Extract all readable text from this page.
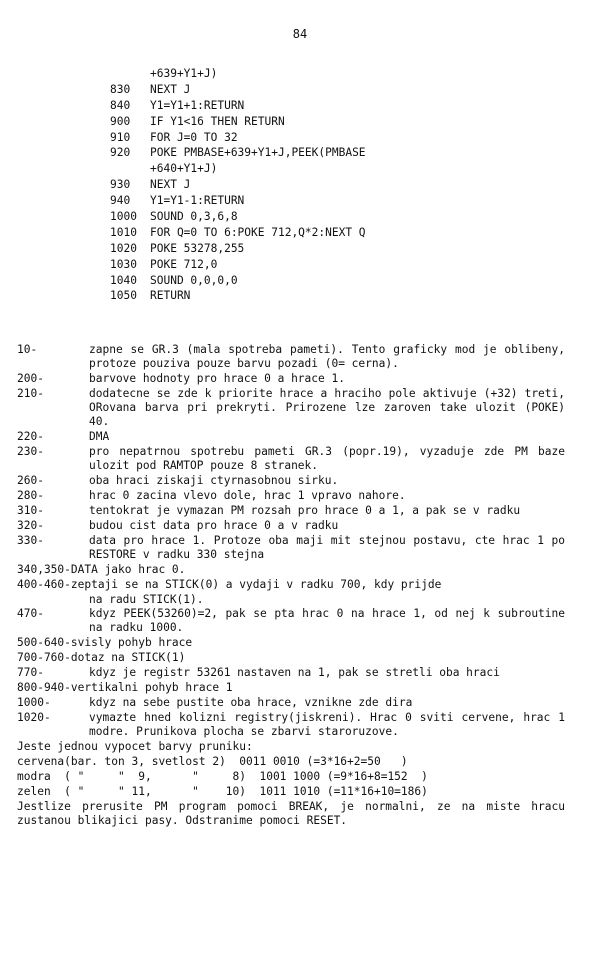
84
+639+Y1+J)
830	NEXT J
840	Y1=Y1+1:RETURN
900	IF Y1<16 THEN RETURN
910	FOR J=0 TO 32
920	POKE PMBASE+639+Y1+J,PEEK(PMBASE
+640+Y1+J)
930	NEXT J
940	Y1=Y1-1:RETURN
1000	SOUND 0,3,6,8
1010	FOR Q=0 TO 6:POKE 712,Q*2:NEXT Q
1020	POKE 53278,255
1030	POKE 712,0
1040	SOUND 0,0,0,0
1050	RETURN
10-	zapne se GR.3 (mala spotreba pameti). Tento graficky mod je oblibeny, protoze pouziva pouze barvu pozadi (0= cerna).
200-	barvove hodnoty pro hrace 0 a hrace 1.
210-	dodatecne se zde k priorite hrace a hraciho pole aktivuje (+32) treti, ORovana barva pri prekryti. Prirozene lze zaroven take ulozit (POKE) 40.
220-	DMA
230-	pro nepatrnou spotrebu pameti GR.3 (popr.19), vyzaduje zde PM baze ulozit pod RAMTOP pouze 8 stranek.
260-	oba hraci ziskaji ctyrnasobnou sirku.
280-	hrac 0 zacina vlevo dole, hrac 1 vpravo nahore.
310-	tentokrat je vymazan PM rozsah pro hrace 0 a 1, a pak se v radku
320-	budou cist data pro hrace 0 a v radku
330-	data pro hrace 1. Protoze oba maji mit stejnou postavu, cte hrac 1 po RESTORE v radku 330 stejna
340,350-DATA jako hrac 0.
400-460-zeptaji se na STICK(0) a vydaji v radku 700, kdy prijde
na radu STICK(1).
470-	kdyz PEEK(53260)=2, pak se pta hrac 0 na hrace 1, od nej k subroutine na radku 1000.
500-640-svisly pohyb hrace
700-760-dotaz na STICK(1)
770-	kdyz je registr 53261 nastaven na 1, pak se stretli oba hraci
800-940-vertikalni pohyb hrace 1
1000-	kdyz na sebe pustite oba hrace, vznikne zde dira
1020-	vymazte hned kolizni registry(jiskreni). Hrac 0 sviti cervene, hrac 1 modre. Prunikova plocha se zbarvi staroruzove.
Jeste jednou vypocet barvy pruniku:
cervena(bar. ton 3, svetlost 2)  0011 0010 (=3*16+2=50   )
modra  ( "     "  9,      "     8)  1001 1000 (=9*16+8=152  )
zelen  ( "     " 11,      "    10)  1011 1010 (=11*16+10=186)
Jestlize prerusite PM program pomoci BREAK, je normalni, ze na miste hracu zustanou blikajici pasy. Odstranime pomoci RESET.
